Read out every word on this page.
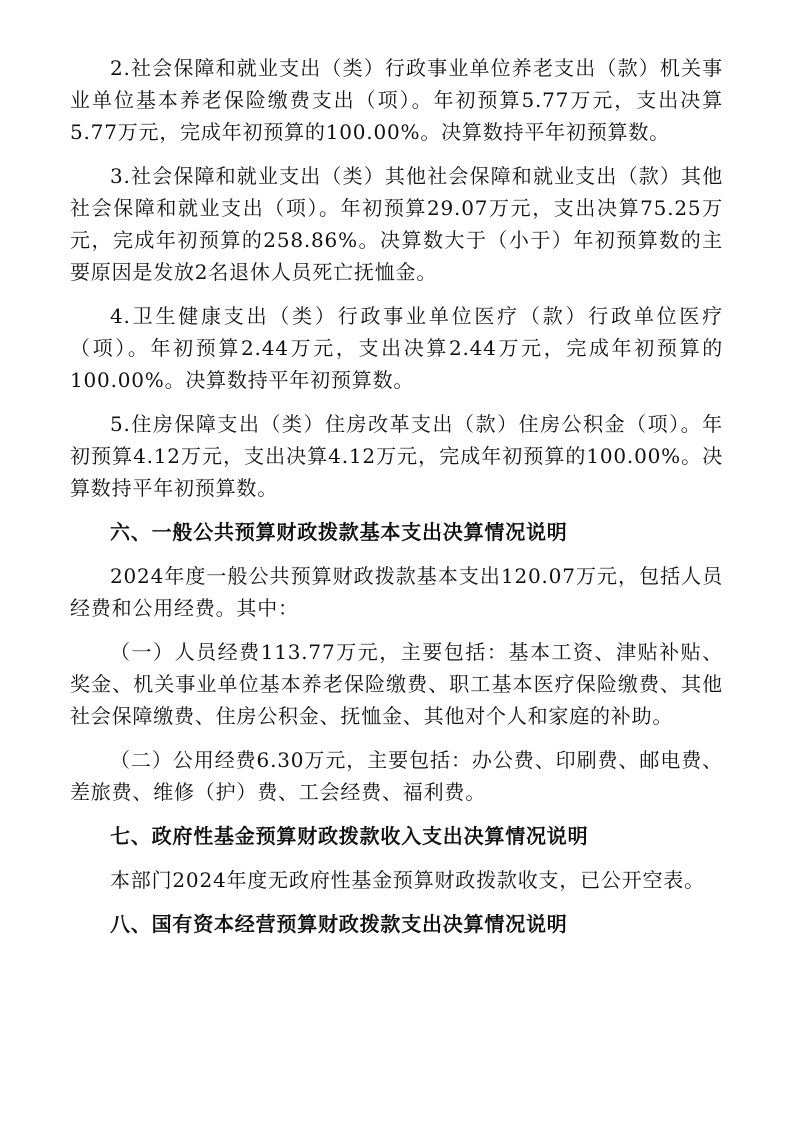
2.社会保障和就业支出（类）行政事业单位养老支出（款）机关事业单位基本养老保险缴费支出（项）。年初预算5.77万元，支出决算5.77万元，完成年初预算的100.00%。决算数持平年初预算数。

3.社会保障和就业支出（类）其他社会保障和就业支出（款）其他社会保障和就业支出（项）。年初预算29.07万元，支出决算75.25万元，完成年初预算的258.86%。决算数大于（小于）年初预算数的主要原因是发放2名退休人员死亡抚恤金。

4.卫生健康支出（类）行政事业单位医疗（款）行政单位医疗（项）。年初预算2.44万元，支出决算2.44万元，完成年初预算的100.00%。决算数持平年初预算数。

5.住房保障支出（类）住房改革支出（款）住房公积金（项）。年初预算4.12万元，支出决算4.12万元，完成年初预算的100.00%。决算数持平年初预算数。

六、一般公共预算财政拨款基本支出决算情况说明

2024年度一般公共预算财政拨款基本支出120.07万元，包括人员经费和公用经费。其中：

（一）人员经费113.77万元，主要包括：基本工资、津贴补贴、奖金、机关事业单位基本养老保险缴费、职工基本医疗保险缴费、其他社会保障缴费、住房公积金、抚恤金、其他对个人和家庭的补助。

（二）公用经费6.30万元，主要包括：办公费、印刷费、邮电费、差旅费、维修（护）费、工会经费、福利费。

七、政府性基金预算财政拨款收入支出决算情况说明

本部门2024年度无政府性基金预算财政拨款收支，已公开空表。

八、国有资本经营预算财政拨款支出决算情况说明
